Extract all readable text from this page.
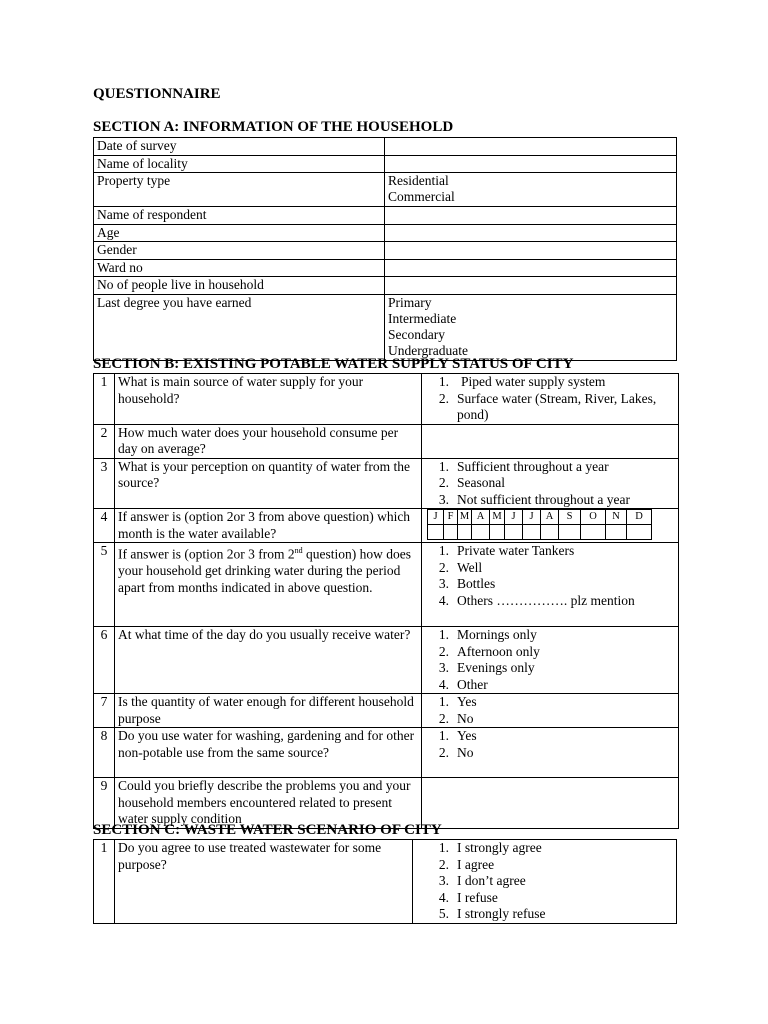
QUESTIONNAIRE
SECTION A: INFORMATION OF THE HOUSEHOLD
Date of survey	
Name of locality	
Property type	Residential
Commercial

Name of respondent	
Age	
Gender	
Ward no	
No of people live in household	
Last degree you have earned	Primary
Intermediate
Secondary
Undergraduate
SECTION B: EXISTING POTABLE WATER SUPPLY STATUS OF CITY
1	What is main source of water supply for your household?	
1. Piped water supply system
2. Surface water (Stream, River, Lakes, pond)

2	How much water does your household consume per day on average?	
3	What is your perception on quantity of water from the source?	
1. Sufficient throughout a year
2. Seasonal
3. Not sufficient throughout a year

4	If answer is (option 2or 3 from above question) which month is the water available?	
J	F	M	A	M	J	J	A	S	O	N	D

5	If answer is (option 2or 3 from 2nd question) how does your household get drinking water during the period apart from months indicated in above question.	
1. Private water Tankers
2. Well
3. Bottles
4. Others ……………. plz mention

6	At what time of the day do you usually receive water?	1. Mornings only
2. Afternoon only
3. Evenings only
4. Other

7	Is the quantity of water enough for different household purpose	
1. Yes
2. No

8	Do you use water for washing, gardening and for other non-potable use from the same source?	
1. Yes
2. No

9	Could you briefly describe the problems you and your household members encountered related to present water supply condition	
SECTION C: WASTE WATER SCENARIO OF CITY
1	Do you agree to use treated wastewater for some purpose?	
1. I strongly agree
2. I agree
3. I don’t agree
4. I refuse
5. I strongly refuse
